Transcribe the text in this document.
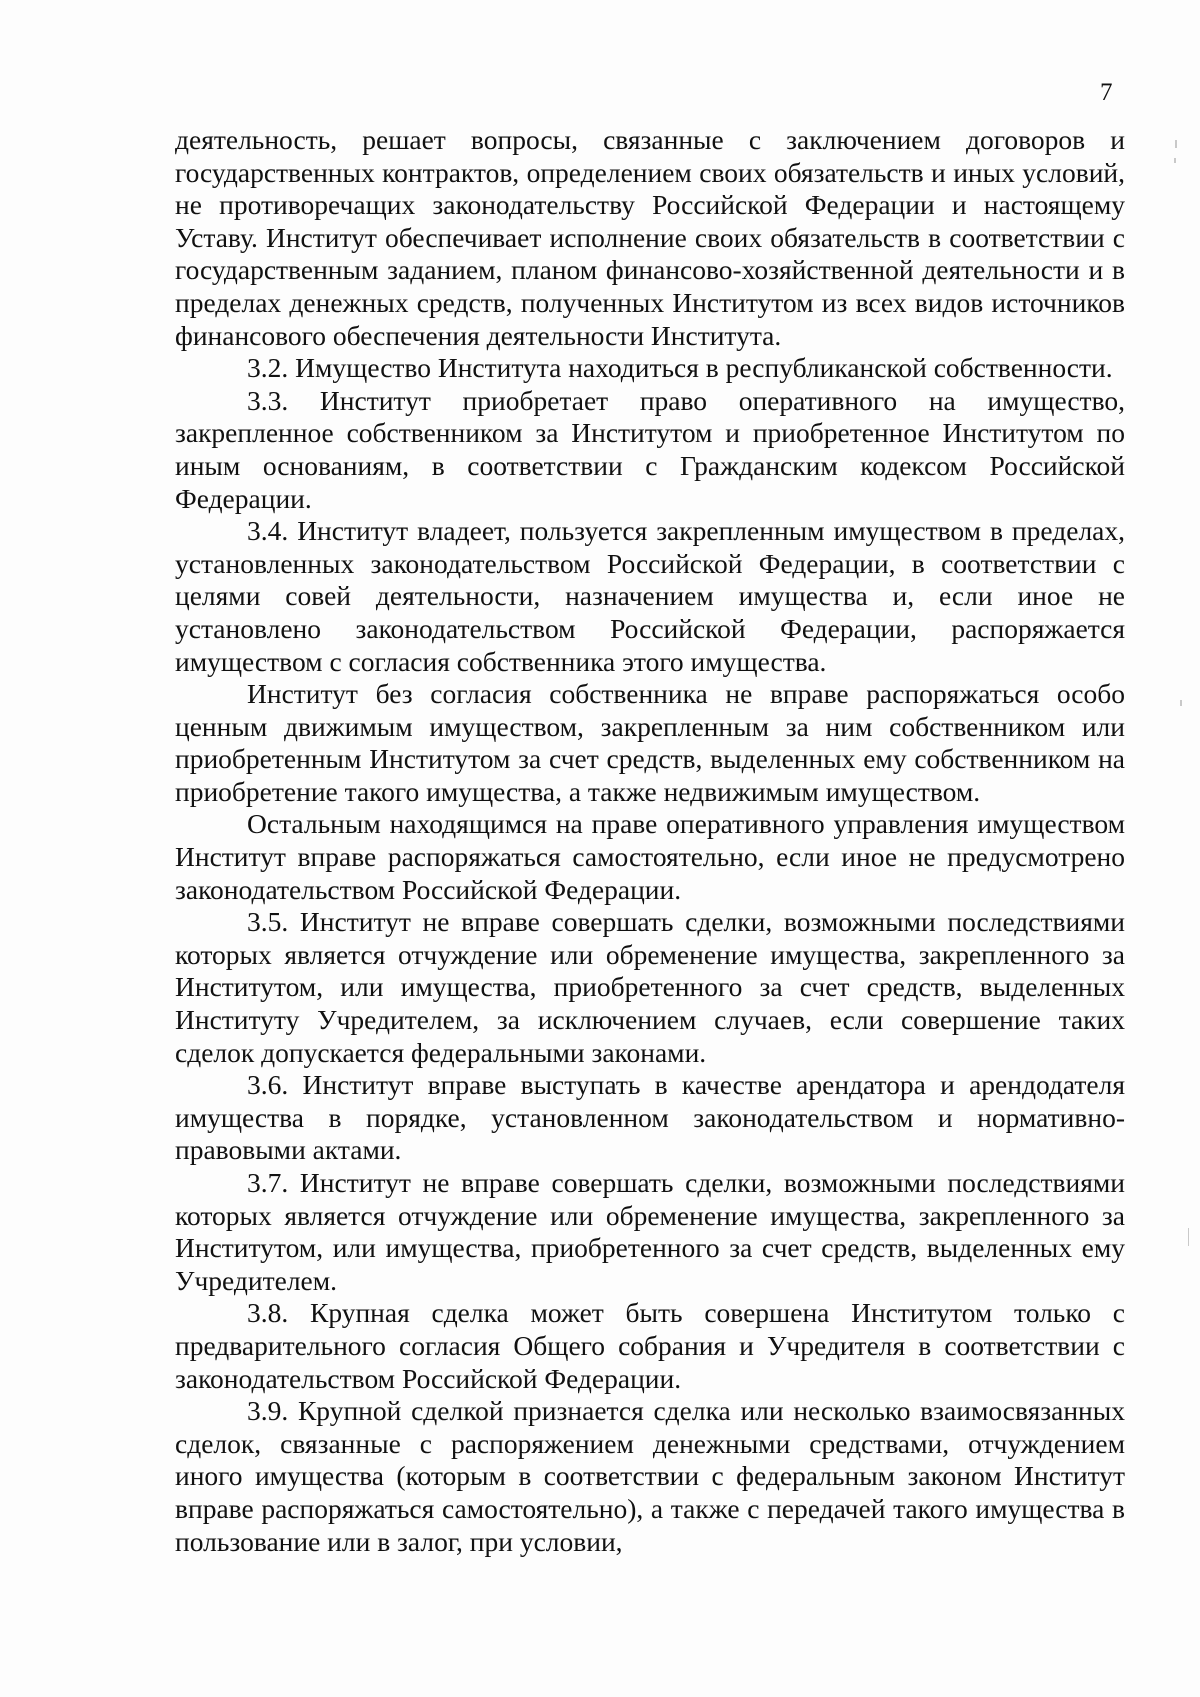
7

деятельность, решает вопросы, связанные с заключением договоров и государственных контрактов, определением своих обязательств и иных условий, не противоречащих законодательству Российской Федерации и настоящему Уставу. Институт обеспечивает исполнение своих обязательств в соответствии с государственным заданием, планом финансово-хозяйственной деятельности и в пределах денежных средств, полученных Институтом из всех видов источников финансового обеспечения деятельности Института.

3.2. Имущество Института находиться в республиканской собственности.

3.3. Институт приобретает право оперативного на имущество, закрепленное собственником за Институтом и приобретенное Институтом по иным основаниям, в соответствии с Гражданским кодексом Российской Федерации.

3.4. Институт владеет, пользуется закрепленным имуществом в пределах, установленных законодательством Российской Федерации, в соответствии с целями совей деятельности, назначением имущества и, если иное не установлено законодательством Российской Федерации, распоряжается имуществом с согласия собственника этого имущества.

Институт без согласия собственника не вправе распоряжаться особо ценным движимым имуществом, закрепленным за ним собственником или приобретенным Институтом за счет средств, выделенных ему собственником на приобретение такого имущества, а также недвижимым имуществом.

Остальным находящимся на праве оперативного управления имуществом Институт вправе распоряжаться самостоятельно, если иное не предусмотрено законодательством Российской Федерации.

3.5. Институт не вправе совершать сделки, возможными последствиями которых является отчуждение или обременение имущества, закрепленного за Институтом, или имущества, приобретенного за счет средств, выделенных Институту Учредителем, за исключением случаев, если совершение таких сделок допускается федеральными законами.

3.6. Институт вправе выступать в качестве арендатора и арендодателя имущества в порядке, установленном законодательством и нормативно-правовыми актами.

3.7. Институт не вправе совершать сделки, возможными последствиями которых является отчуждение или обременение имущества, закрепленного за Институтом, или имущества, приобретенного за счет средств, выделенных ему Учредителем.

3.8. Крупная сделка может быть совершена Институтом только с предварительного согласия Общего собрания и Учредителя в соответствии с законодательством Российской Федерации.

3.9. Крупной сделкой признается сделка или несколько взаимосвязанных сделок, связанные с распоряжением денежными средствами, отчуждением иного имущества (которым в соответствии с федеральным законом Институт вправе распоряжаться самостоятельно), а также с передачей такого имущества в пользование или в залог, при условии,
